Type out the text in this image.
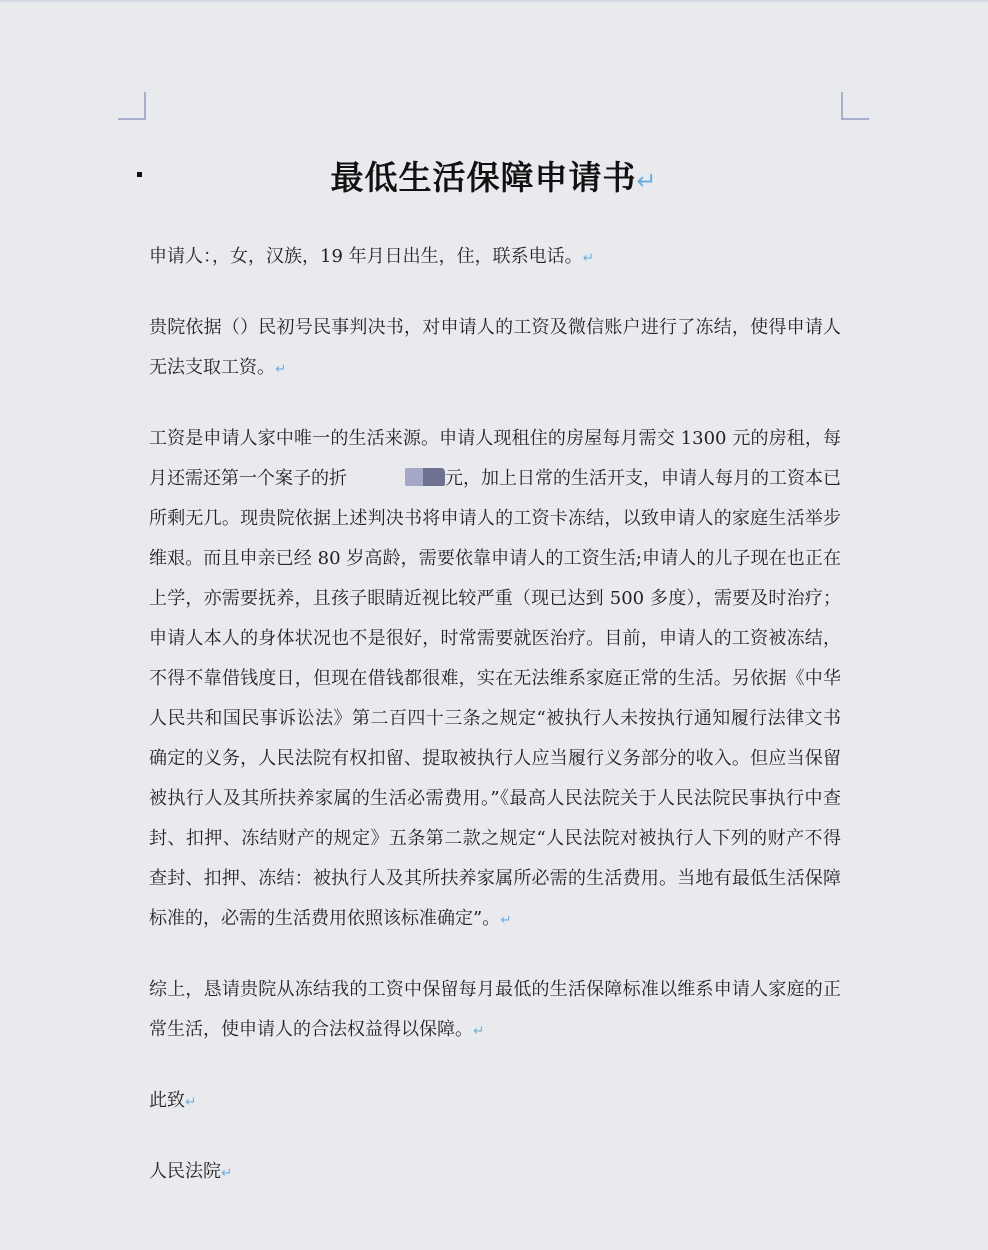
最低生活保障申请书↵

申请人：，女，汉族，19 年月日出生，住，联系电话。↵

贵院依据（）民初号民事判决书，对申请人的工资及微信账户进行了冻结，使得申请人无法支取工资。↵

工资是申请人家中唯一的生活来源。申请人现租住的房屋每月需交 1300 元的房租，每月还需还第一个案子的折	元，加上日常的生活开支，申请人每月的工资本已所剩无几。现贵院依据上述判决书将申请人的工资卡冻结，以致申请人的家庭生活举步维艰。而且申亲已经 80 岁高龄，需要依靠申请人的工资生活;申请人的儿子现在也正在上学，亦需要抚养，且孩子眼睛近视比较严重（现已达到 500 多度），需要及时治疗；申请人本人的身体状况也不是很好，时常需要就医治疗。目前，申请人的工资被冻结，不得不靠借钱度日，但现在借钱都很难，实在无法维系家庭正常的生活。另依据《中华人民共和国民事诉讼法》第二百四十三条之规定“被执行人未按执行通知履行法律文书确定的义务，人民法院有权扣留、提取被执行人应当履行义务部分的收入。但应当保留被执行人及其所扶养家属的生活必需费用。”《最高人民法院关于人民法院民事执行中查封、扣押、冻结财产的规定》五条第二款之规定“人民法院对被执行人下列的财产不得查封、扣押、冻结：被执行人及其所扶养家属所必需的生活费用。当地有最低生活保障标准的，必需的生活费用依照该标准确定”。↵

综上，恳请贵院从冻结我的工资中保留每月最低的生活保障标准以维系申请人家庭的正常生活，使申请人的合法权益得以保障。↵

此致↵

人民法院↵
